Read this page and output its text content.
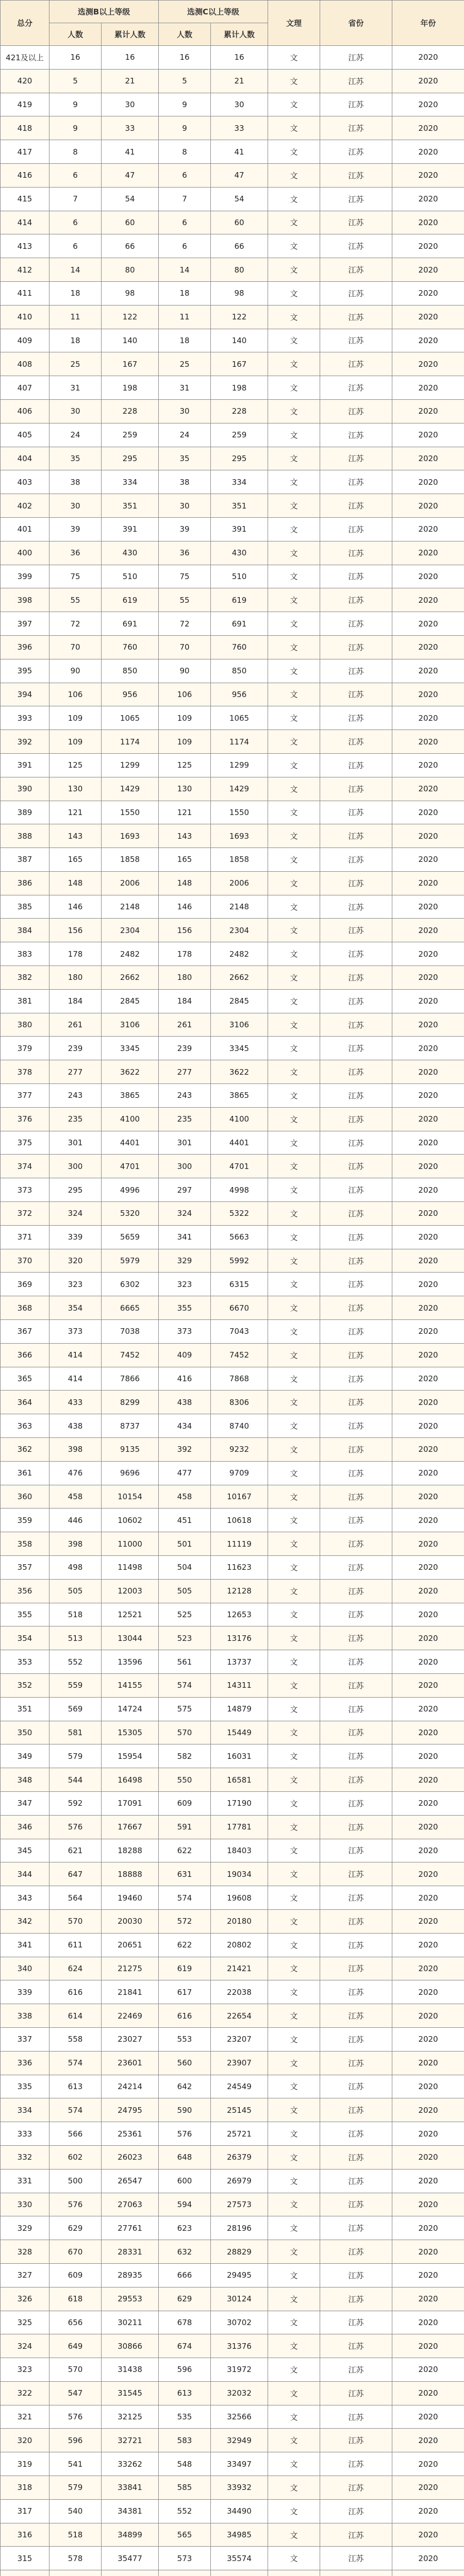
总分	选测B以上等级		选测C以上等级		文理	省份	年份
	人数	累计人数	人数	累计人数			
421及以上	16	16	16	16	文	江苏	2020
420	5	21	5	21	文	江苏	2020
419	9	30	9	30	文	江苏	2020
418	9	33	9	33	文	江苏	2020
417	8	41	8	41	文	江苏	2020
416	6	47	6	47	文	江苏	2020
415	7	54	7	54	文	江苏	2020
414	6	60	6	60	文	江苏	2020
413	6	66	6	66	文	江苏	2020
412	14	80	14	80	文	江苏	2020
411	18	98	18	98	文	江苏	2020
410	11	122	11	122	文	江苏	2020
409	18	140	18	140	文	江苏	2020
408	25	167	25	167	文	江苏	2020
407	31	198	31	198	文	江苏	2020
406	30	228	30	228	文	江苏	2020
405	24	259	24	259	文	江苏	2020
404	35	295	35	295	文	江苏	2020
403	38	334	38	334	文	江苏	2020
402	30	351	30	351	文	江苏	2020
401	39	391	39	391	文	江苏	2020
400	36	430	36	430	文	江苏	2020
399	75	510	75	510	文	江苏	2020
398	55	619	55	619	文	江苏	2020
397	72	691	72	691	文	江苏	2020
396	70	760	70	760	文	江苏	2020
395	90	850	90	850	文	江苏	2020
394	106	956	106	956	文	江苏	2020
393	109	1065	109	1065	文	江苏	2020
392	109	1174	109	1174	文	江苏	2020
391	125	1299	125	1299	文	江苏	2020
390	130	1429	130	1429	文	江苏	2020
389	121	1550	121	1550	文	江苏	2020
388	143	1693	143	1693	文	江苏	2020
387	165	1858	165	1858	文	江苏	2020
386	148	2006	148	2006	文	江苏	2020
385	146	2148	146	2148	文	江苏	2020
384	156	2304	156	2304	文	江苏	2020
383	178	2482	178	2482	文	江苏	2020
382	180	2662	180	2662	文	江苏	2020
381	184	2845	184	2845	文	江苏	2020
380	261	3106	261	3106	文	江苏	2020
379	239	3345	239	3345	文	江苏	2020
378	277	3622	277	3622	文	江苏	2020
377	243	3865	243	3865	文	江苏	2020
376	235	4100	235	4100	文	江苏	2020
375	301	4401	301	4401	文	江苏	2020
374	300	4701	300	4701	文	江苏	2020
373	295	4996	297	4998	文	江苏	2020
372	324	5320	324	5322	文	江苏	2020
371	339	5659	341	5663	文	江苏	2020
370	320	5979	329	5992	文	江苏	2020
369	323	6302	323	6315	文	江苏	2020
368	354	6665	355	6670	文	江苏	2020
367	373	7038	373	7043	文	江苏	2020
366	414	7452	409	7452	文	江苏	2020
365	414	7866	416	7868	文	江苏	2020
364	433	8299	438	8306	文	江苏	2020
363	438	8737	434	8740	文	江苏	2020
362	398	9135	392	9232	文	江苏	2020
361	476	9696	477	9709	文	江苏	2020
360	458	10154	458	10167	文	江苏	2020
359	446	10602	451	10618	文	江苏	2020
358	398	11000	501	11119	文	江苏	2020
357	498	11498	504	11623	文	江苏	2020
356	505	12003	505	12128	文	江苏	2020
355	518	12521	525	12653	文	江苏	2020
354	513	13044	523	13176	文	江苏	2020
353	552	13596	561	13737	文	江苏	2020
352	559	14155	574	14311	文	江苏	2020
351	569	14724	575	14879	文	江苏	2020
350	581	15305	570	15449	文	江苏	2020
349	579	15954	582	16031	文	江苏	2020
348	544	16498	550	16581	文	江苏	2020
347	592	17091	609	17190	文	江苏	2020
346	576	17667	591	17781	文	江苏	2020
345	621	18288	622	18403	文	江苏	2020
344	647	18888	631	19034	文	江苏	2020
343	564	19460	574	19608	文	江苏	2020
342	570	20030	572	20180	文	江苏	2020
341	611	20651	622	20802	文	江苏	2020
340	624	21275	619	21421	文	江苏	2020
339	616	21841	617	22038	文	江苏	2020
338	614	22469	616	22654	文	江苏	2020
337	558	23027	553	23207	文	江苏	2020
336	574	23601	560	23907	文	江苏	2020
335	613	24214	642	24549	文	江苏	2020
334	574	24795	590	25145	文	江苏	2020
333	566	25361	576	25721	文	江苏	2020
332	602	26023	648	26379	文	江苏	2020
331	500	26547	600	26979	文	江苏	2020
330	576	27063	594	27573	文	江苏	2020
329	629	27761	623	28196	文	江苏	2020
328	670	28331	632	28829	文	江苏	2020
327	609	28935	666	29495	文	江苏	2020
326	618	29553	629	30124	文	江苏	2020
325	656	30211	678	30702	文	江苏	2020
324	649	30866	674	31376	文	江苏	2020
323	570	31438	596	31972	文	江苏	2020
322	547	31545	613	32032	文	江苏	2020
321	576	32125	535	32566	文	江苏	2020
320	596	32721	583	32949	文	江苏	2020
319	541	33262	548	33497	文	江苏	2020
318	579	33841	585	33932	文	江苏	2020
317	540	34381	552	34490	文	江苏	2020
316	518	34899	565	34985	文	江苏	2020
315	578	35477	573	35574	文	江苏	2020
